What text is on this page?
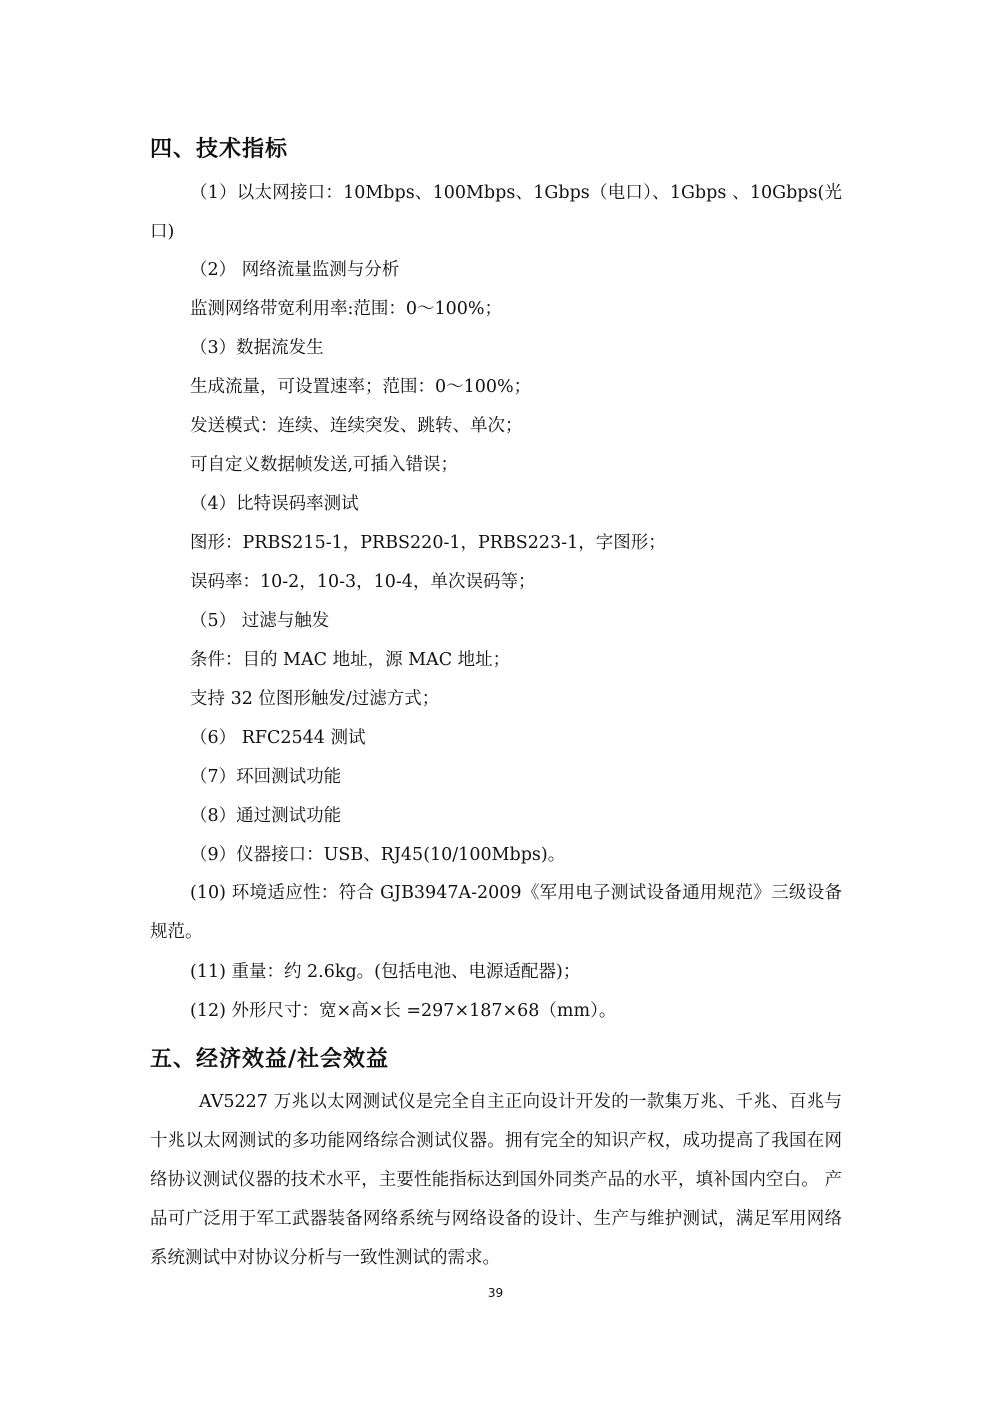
四、技术指标
（1）以太网接口：10Mbps、100Mbps、1Gbps（电口）、1Gbps 、10Gbps(光口)
（2） 网络流量监测与分析
监测网络带宽利用率:范围：0～100%；
（3）数据流发生
生成流量，可设置速率；范围：0～100%；
发送模式：连续、连续突发、跳转、单次；
可自定义数据帧发送,可插入错误；
（4）比特误码率测试
图形：PRBS215-1，PRBS220-1，PRBS223-1，字图形；
误码率：10-2，10-3，10-4，单次误码等；
（5） 过滤与触发
条件：目的 MAC 地址，源 MAC 地址；
支持 32 位图形触发/过滤方式；
（6） RFC2544 测试
（7）环回测试功能
（8）通过测试功能
（9）仪器接口：USB、RJ45(10/100Mbps)。
(10) 环境适应性：符合 GJB3947A-2009《军用电子测试设备通用规范》三级设备规范。
(11) 重量：约 2.6kg。(包括电池、电源适配器)；
(12) 外形尺寸：宽×高×长 =297×187×68（mm）。
五、经济效益/社会效益
AV5227 万兆以太网测试仪是完全自主正向设计开发的一款集万兆、千兆、百兆与十兆以太网测试的多功能网络综合测试仪器。拥有完全的知识产权，成功提高了我国在网络协议测试仪器的技术水平，主要性能指标达到国外同类产品的水平，填补国内空白。 产品可广泛用于军工武器装备网络系统与网络设备的设计、生产与维护测试，满足军用网络系统测试中对协议分析与一致性测试的需求。
39
